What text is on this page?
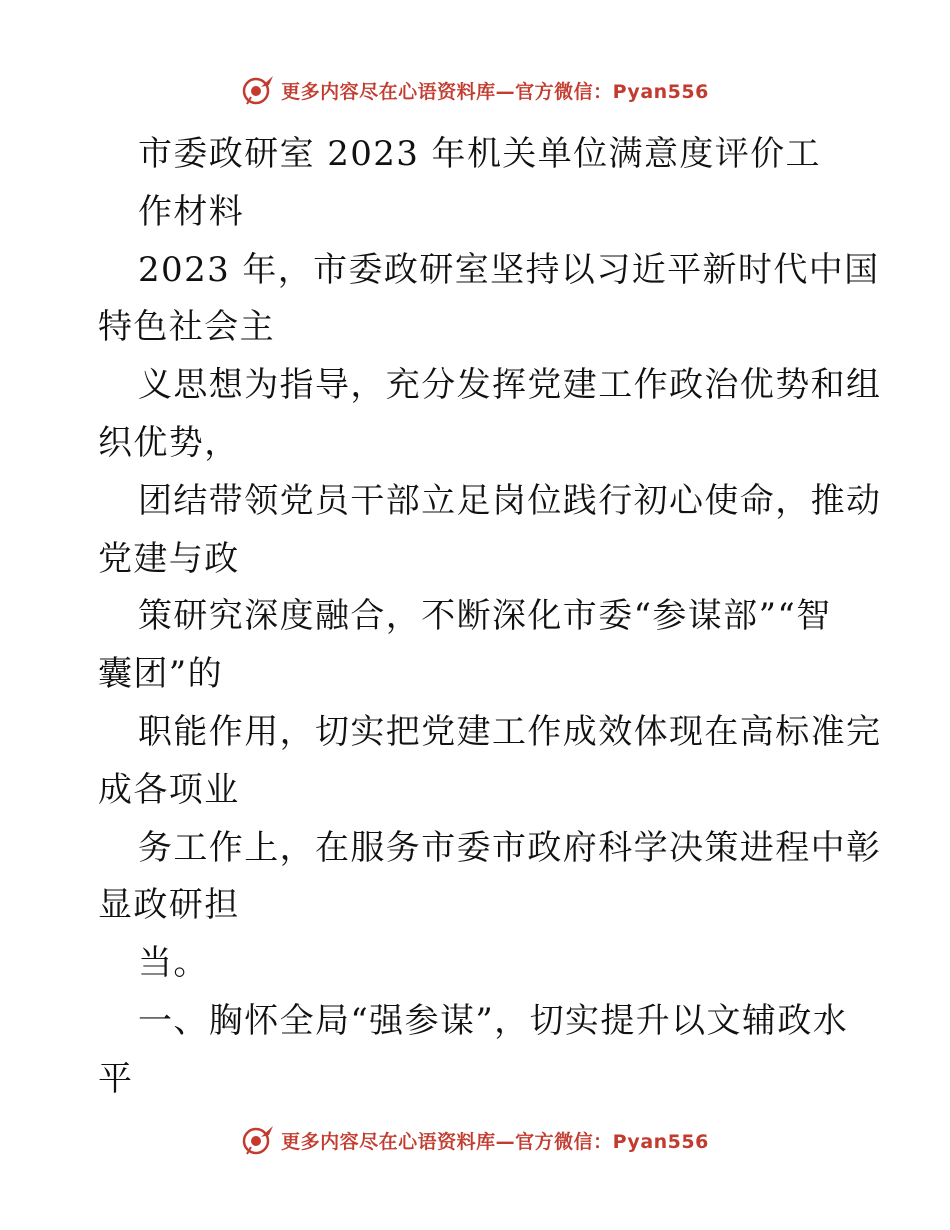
更多内容尽在心语资料库—官方微信：Pyan556
市委政研室 2023 年机关单位满意度评价工
作材料
2023 年，市委政研室坚持以习近平新时代中国
特色社会主
义思想为指导，充分发挥党建工作政治优势和组
织优势，
团结带领党员干部立足岗位践行初心使命，推动
党建与政
策研究深度融合，不断深化市委“参谋部”“智
囊团”的
职能作用，切实把党建工作成效体现在高标准完
成各项业
务工作上，在服务市委市政府科学决策进程中彰
显政研担
当。
一、胸怀全局“强参谋”，切实提升以文辅政水
平
更多内容尽在心语资料库—官方微信：Pyan556
